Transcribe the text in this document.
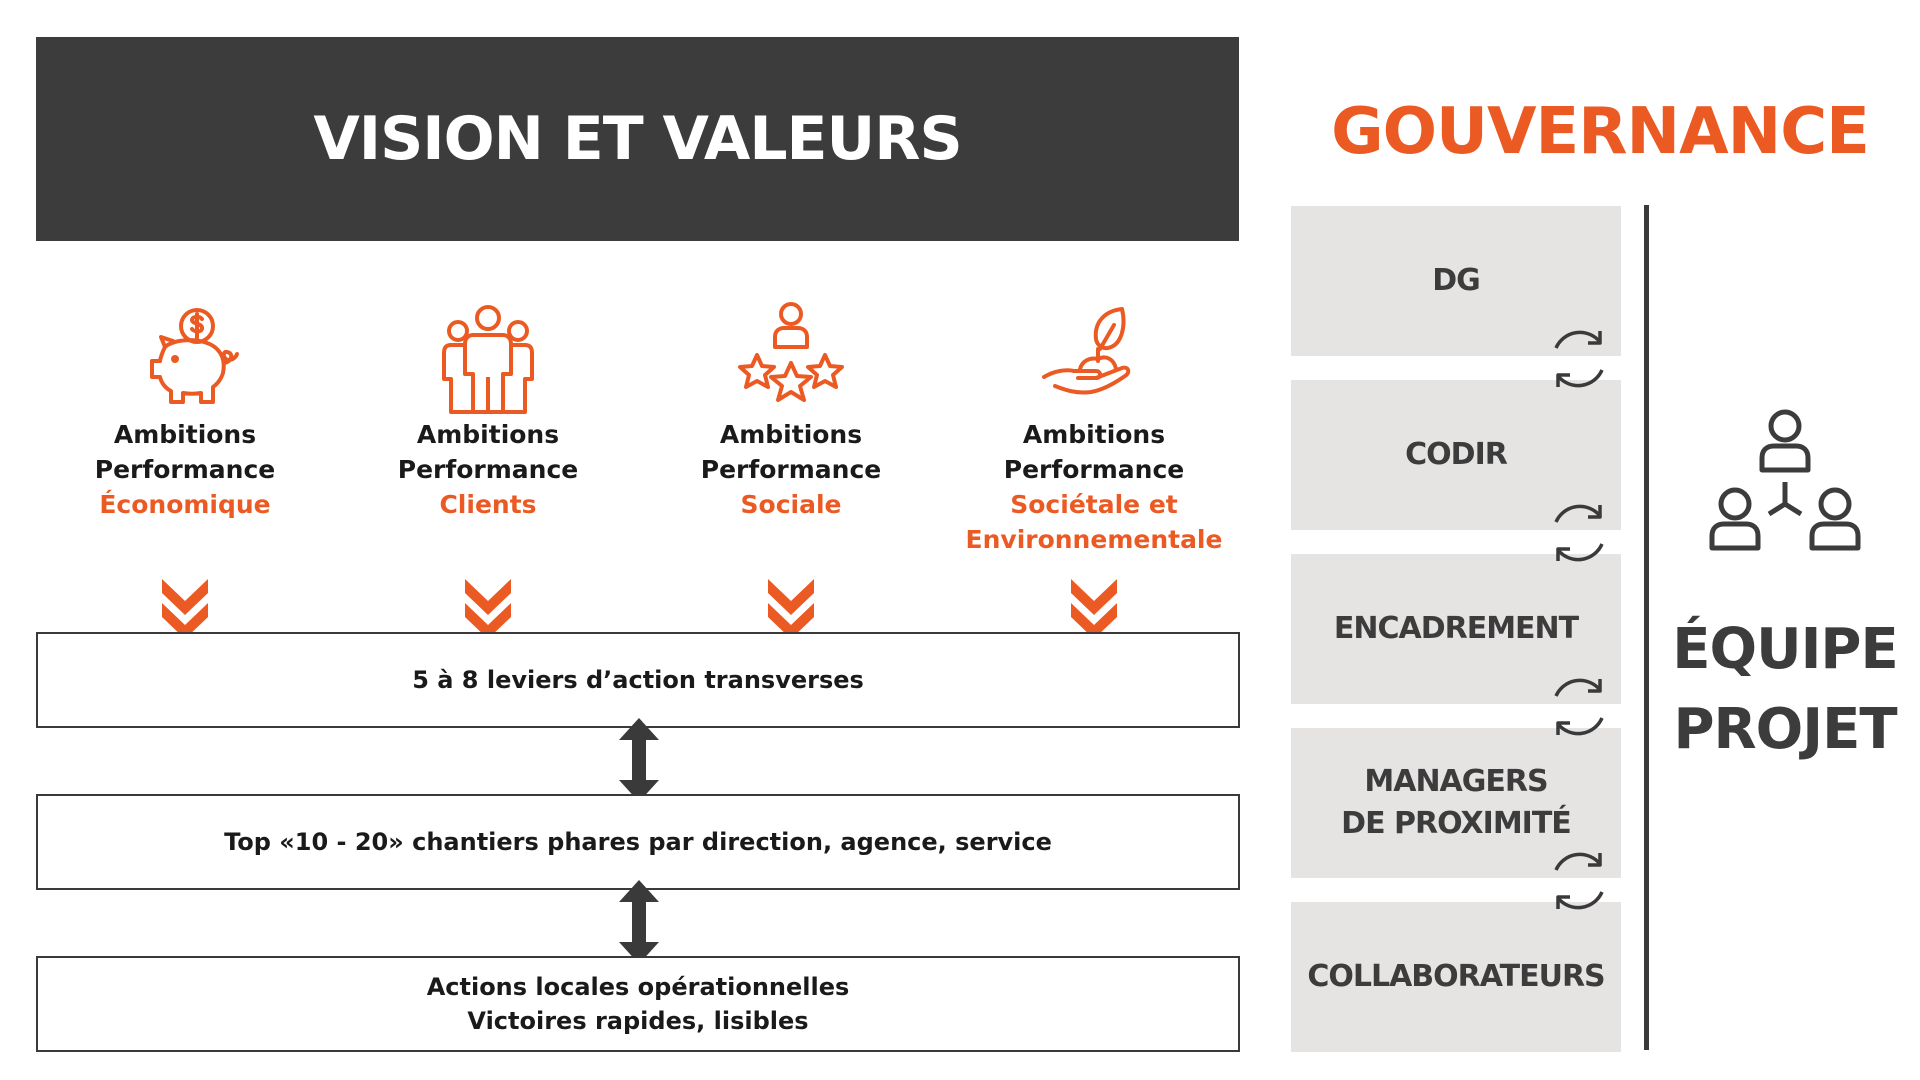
VISION ET VALEURS	GOUVERNANCE
Ambitions
Performance
Économique
Ambitions
Performance
Clients
Ambitions
Performance
Sociale
Ambitions
Performance
Sociétale et
Environnementale
5 à 8 leviers d’action transverses
Top «10 - 20» chantiers phares par direction, agence, service
Actions locales opérationnelles
Victoires rapides, lisibles
DG
CODIR
ENCADREMENT
MANAGERS
DE PROXIMITÉ
COLLABORATEURS
ÉQUIPE
PROJET
